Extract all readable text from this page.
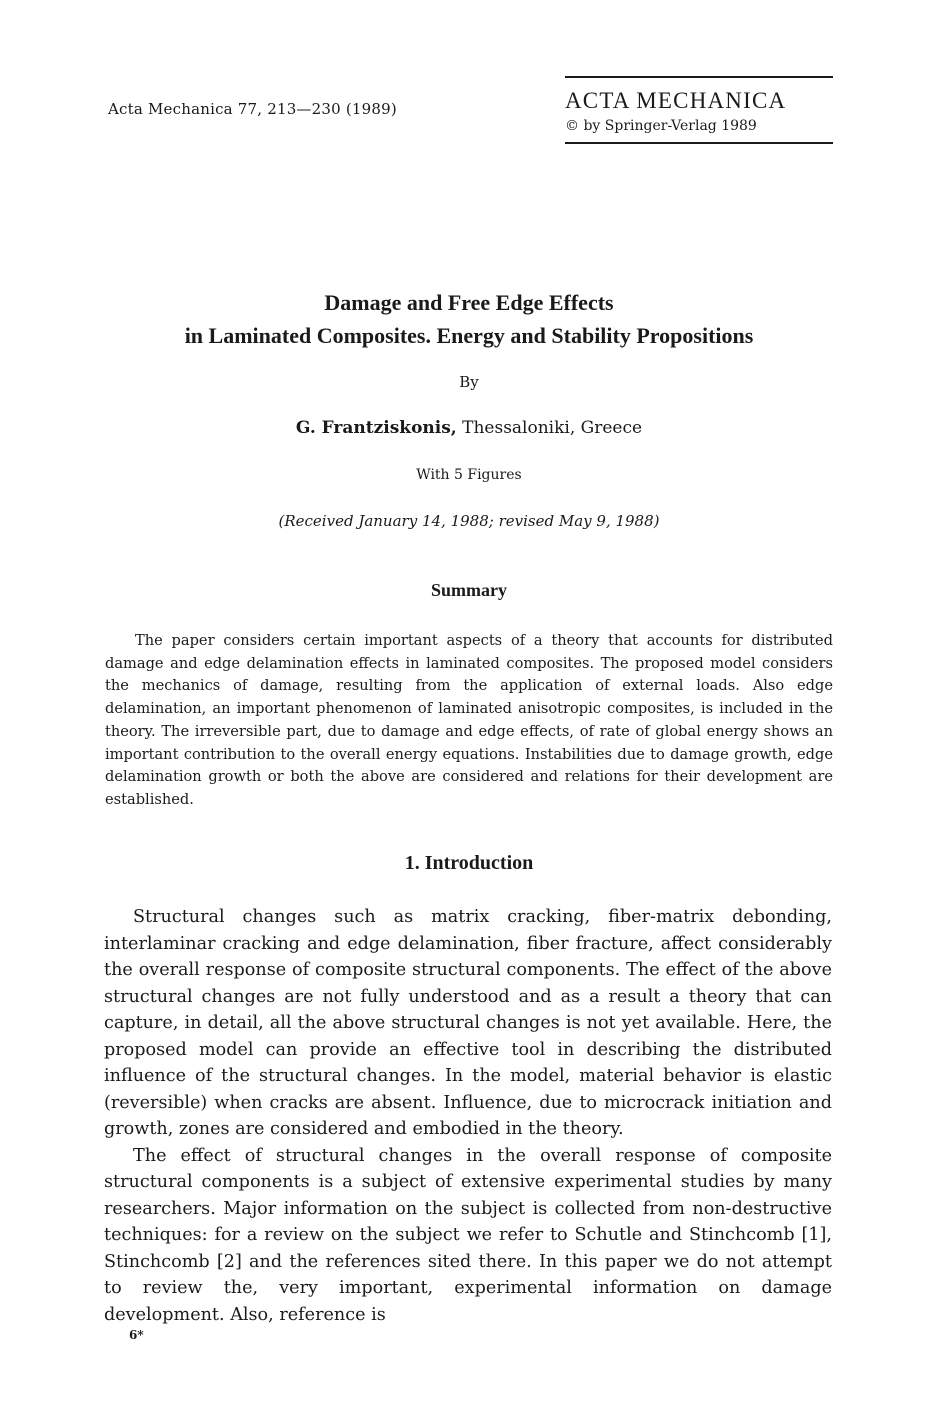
Acta Mechanica 77, 213—230 (1989)	ACTA MECHANICA
© by Springer-Verlag 1989
Damage and Free Edge Effects
in Laminated Composites. Energy and Stability Propositions
By
G. Frantziskonis, Thessaloniki, Greece
With 5 Figures
(Received January 14, 1988; revised May 9, 1988)
Summary

The paper considers certain important aspects of a theory that accounts for distributed damage and edge delamination effects in laminated composites. The proposed model considers the mechanics of damage, resulting from the application of external loads. Also edge delamination, an important phenomenon of laminated anisotropic composites, is included in the theory. The irreversible part, due to damage and edge effects, of rate of global energy shows an important contribution to the overall energy equations. Instabilities due to damage growth, edge delamination growth or both the above are considered and relations for their development are established.

1. Introduction

Structural changes such as matrix cracking, fiber-matrix debonding, interlaminar cracking and edge delamination, fiber fracture, affect considerably the overall response of composite structural components. The effect of the above structural changes are not fully understood and as a result a theory that can capture, in detail, all the above structural changes is not yet available. Here, the proposed model can provide an effective tool in describing the distributed influence of the structural changes. In the model, material behavior is elastic (reversible) when cracks are absent. Influence, due to microcrack initiation and growth, zones are considered and embodied in the theory.

The effect of structural changes in the overall response of composite structural components is a subject of extensive experimental studies by many researchers. Major information on the subject is collected from non-destructive techniques: for a review on the subject we refer to Schutle and Stinchcomb [1], Stinchcomb [2] and the references sited there. In this paper we do not attempt to review the, very important, experimental information on damage development. Also, reference is

6*
